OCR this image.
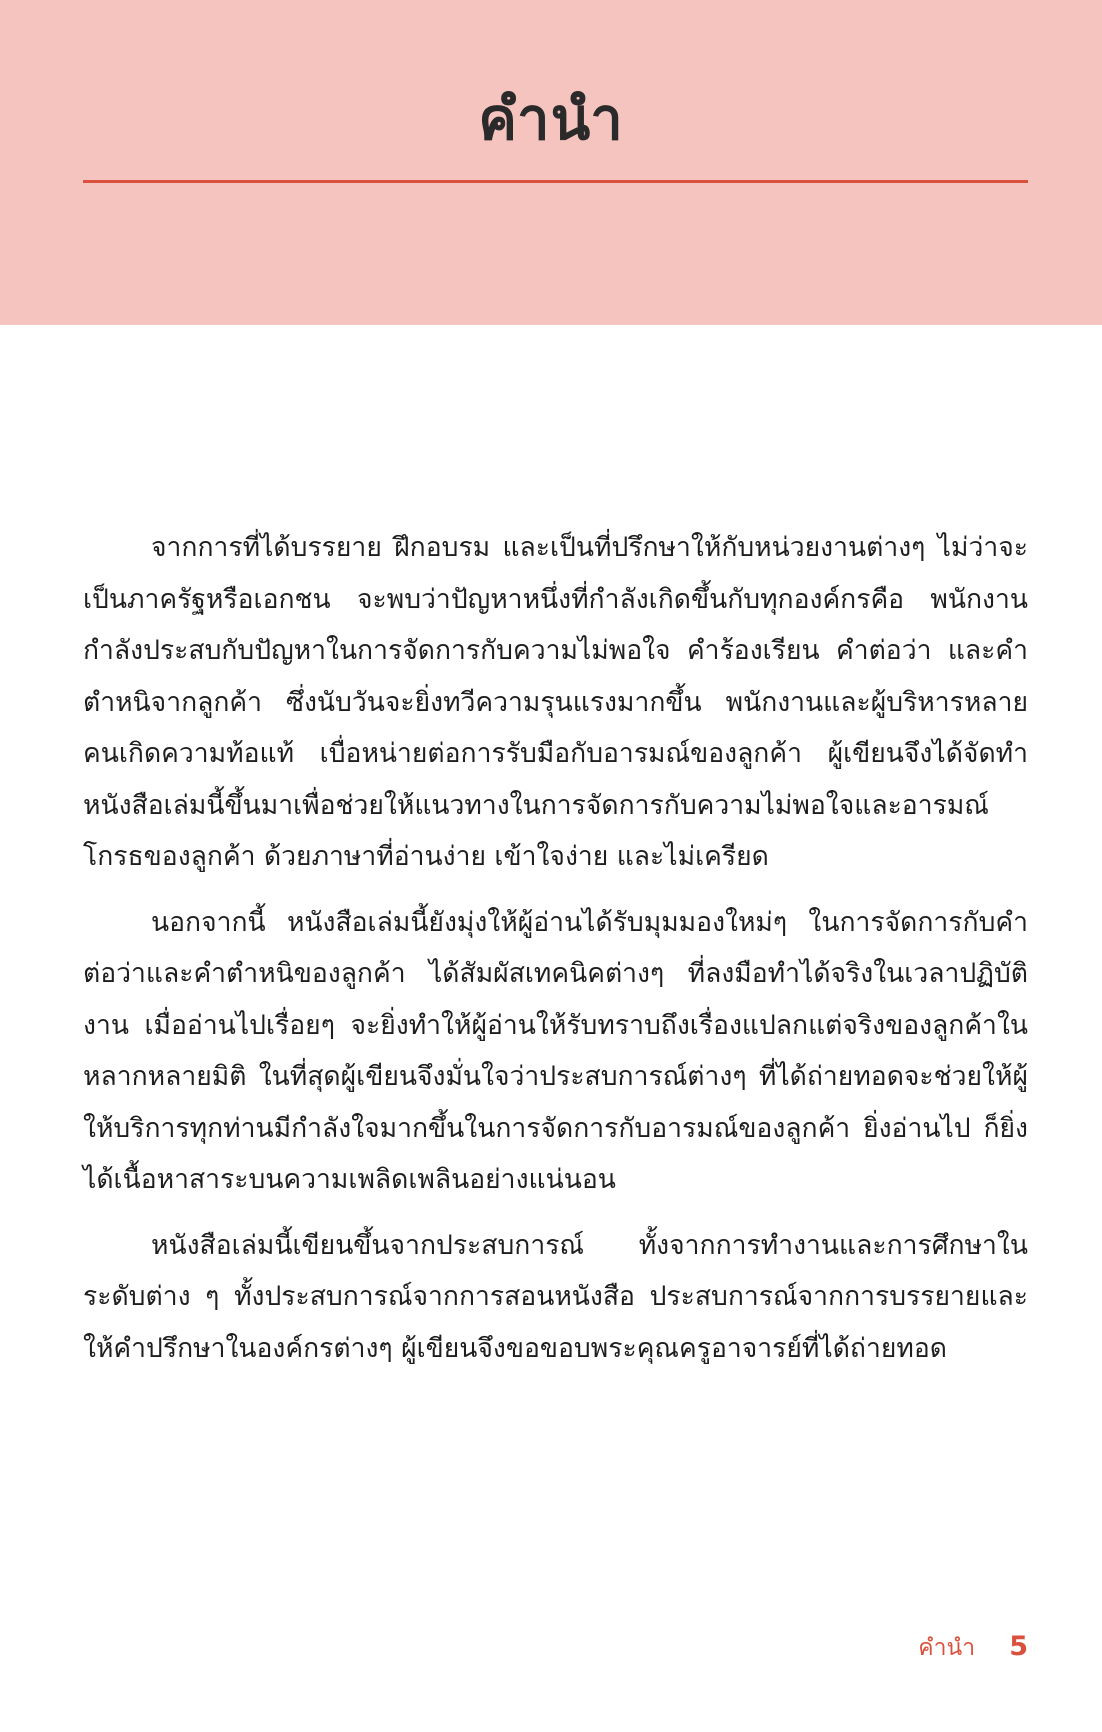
คำนำ

จากการที่ได้บรรยาย ฝึกอบรม และเป็นที่ปรึกษาให้กับหน่วยงานต่างๆ ไม่ว่าจะเป็นภาครัฐหรือเอกชน จะพบว่าปัญหาหนึ่งที่กำลังเกิดขึ้นกับทุกองค์กรคือ พนักงานกำลังประสบกับปัญหาในการจัดการกับความไม่พอใจ คำร้องเรียน คำต่อว่า และคำตำหนิจากลูกค้า ซึ่งนับวันจะยิ่งทวีความรุนแรงมากขึ้น พนักงานและผู้บริหารหลายคนเกิดความท้อแท้ เบื่อหน่ายต่อการรับมือกับอารมณ์ของลูกค้า ผู้เขียนจึงได้จัดทำหนังสือเล่มนี้ขึ้นมาเพื่อช่วยให้แนวทางในการจัดการกับความไม่พอใจและอารมณ์โกรธของลูกค้า ด้วยภาษาที่อ่านง่าย เข้าใจง่าย และไม่เครียด

นอกจากนี้ หนังสือเล่มนี้ยังมุ่งให้ผู้อ่านได้รับมุมมองใหม่ๆ ในการจัดการกับคำต่อว่าและคำตำหนิของลูกค้า ได้สัมผัสเทคนิคต่างๆ ที่ลงมือทำได้จริงในเวลาปฏิบัติงาน เมื่ออ่านไปเรื่อยๆ จะยิ่งทำให้ผู้อ่านให้รับทราบถึงเรื่องแปลกแต่จริงของลูกค้าในหลากหลายมิติ ในที่สุดผู้เขียนจึงมั่นใจว่าประสบการณ์ต่างๆ ที่ได้ถ่ายทอดจะช่วยให้ผู้ให้บริการทุกท่านมีกำลังใจมากขึ้นในการจัดการกับอารมณ์ของลูกค้า ยิ่งอ่านไป ก็ยิ่งได้เนื้อหาสาระบนความเพลิดเพลินอย่างแน่นอน

หนังสือเล่มนี้เขียนขึ้นจากประสบการณ์ ทั้งจากการทำงานและการศึกษาในระดับต่าง ๆ ทั้งประสบการณ์จากการสอนหนังสือ ประสบการณ์จากการบรรยายและให้คำปรึกษาในองค์กรต่างๆ ผู้เขียนจึงขอขอบพระคุณครูอาจารย์ที่ได้ถ่ายทอด

คำนำ 5
